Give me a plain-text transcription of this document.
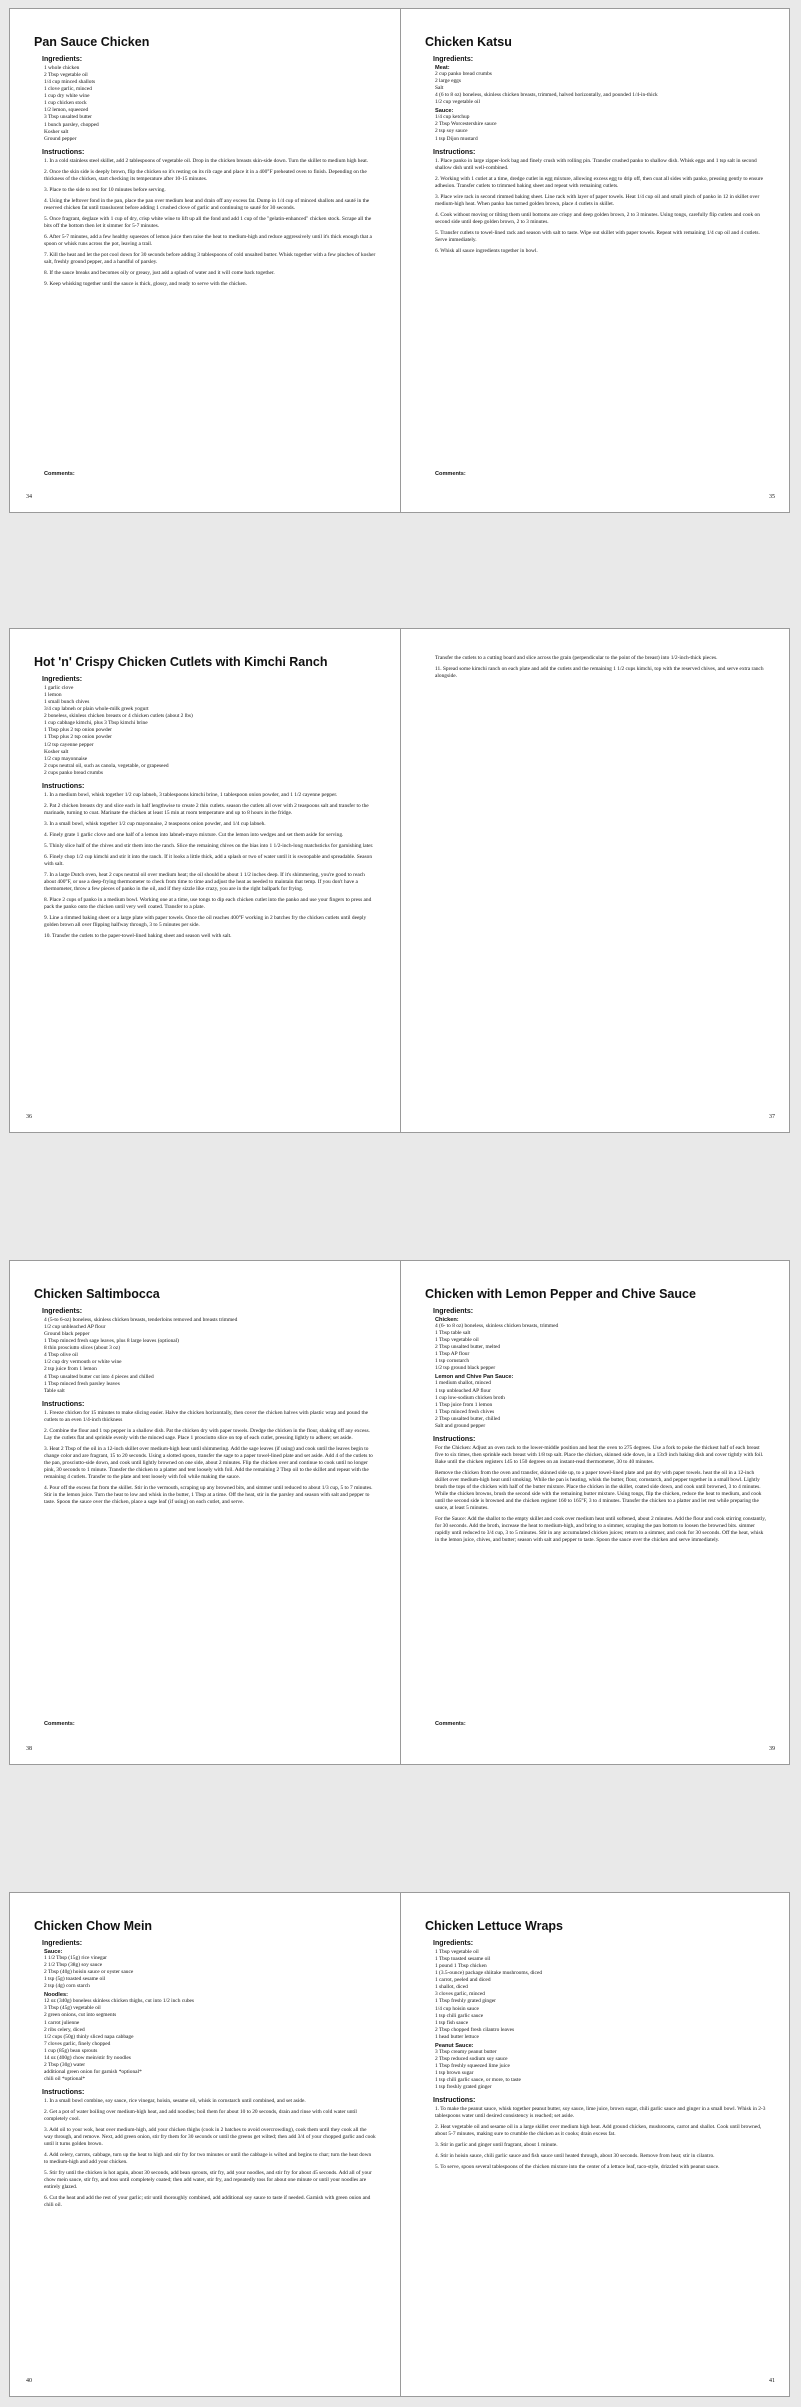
Pan Sauce Chicken
Ingredients:
1 whole chicken
2 Tbsp vegetable oil
1/4 cup minced shallots
1 clove garlic, minced
1 cup dry white wine
1 cup chicken stock
1/2 lemon, squeezed
3 Tbsp unsalted butter
1 bunch parsley, chopped
Kosher salt
Ground pepper
Instructions:
1. In a cold stainless steel skillet, add 2 tablespoons of vegetable oil. Drop in the chicken breasts skin-side down. Turn the skillet to medium high heat.
2. Once the skin side is deeply brown, flip the chicken so it's resting on its rib cage and place it in a 400°F preheated oven to finish. Depending on the thickness of the chicken, start checking its temperature after 10-15 minutes.
3. Place to the side to rest for 10 minutes before serving.
4. Using the leftover fond in the pan, place the pan over medium heat and drain off any excess fat. Dump in 1/4 cup of minced shallots and sauté in the reserved chicken fat until translucent before adding 1 crushed clove of garlic and continuing to sauté for 30 seconds.
5. Once fragrant, deglaze with 1 cup of dry, crisp white wine to lift up all the fond and add 1 cup of the "gelatin-enhanced" chicken stock. Scrape all the bits off the bottom then let it simmer for 5-7 minutes.
6. After 5-7 minutes, add a few healthy squeezes of lemon juice then raise the heat to medium-high and reduce aggressively until it's thick enough that a spoon or whisk runs across the pot, leaving a trail.
7. Kill the heat and let the pot cool down for 30 seconds before adding 3 tablespoons of cold unsalted butter. Whisk together with a few pinches of kosher salt, freshly ground pepper, and a handful of parsley.
8. If the sauce breaks and becomes oily or greasy, just add a splash of water and it will come back together.
9. Keep whisking together until the sauce is thick, glossy, and ready to serve with the chicken.
Comments:
34
Chicken Katsu
Ingredients:
Meat:
2 cup panko bread crumbs
2 large eggs
Salt
4 (6 to 8 oz) boneless, skinless chicken breasts, trimmed, halved horizontally, and pounded 1/4-in-thick
1/2 cup vegetable oil
Sauce:
1/4 cup ketchup
2 Tbsp Worcestershire sauce
2 tsp soy sauce
1 tsp Dijon mustard
Instructions:
1. Place panko in large zipper-lock bag and finely crush with rolling pin. Transfer crushed panko to shallow dish. Whisk eggs and 1 tsp salt in second shallow dish until well-combined.
2. Working with 1 cutlet at a time, dredge cutlet in egg mixture, allowing excess egg to drip off, then coat all sides with panko, pressing gently to ensure adhesion. Transfer cutlets to trimmed baking sheet and repeat with remaining cutlets.
3. Place wire rack in second rimmed baking sheet. Line rack with layer of paper towels. Heat 1/4 cup oil and small pinch of panko in 12 in skillet over medium-high heat. When panko has turned golden brown, place 4 cutlets in skillet.
4. Cook without moving or tilting them until bottoms are crispy and deep golden brown, 2 to 3 minutes. Using tongs, carefully flip cutlets and cook on second side until deep golden brown, 2 to 3 minutes.
5. Transfer cutlets to towel-lined rack and season with salt to taste. Wipe out skillet with paper towels. Repeat with remaining 1/4 cup oil and 4 cutlets. Serve immediately.
6. Whisk all sauce ingredients together in bowl.
Comments:
35
Hot 'n' Crispy Chicken Cutlets with Kimchi Ranch
Ingredients:
1 garlic clove
1 lemon
1 small bunch chives
3/4 cup labneh or plain whole-milk greek yogurt
2 boneless, skinless chicken breasts or 4 chicken cutlets (about 2 lbs)
1 cup cabbage kimchi, plus 3 Tbsp kimchi brine
1 Tbsp plus 2 tsp onion powder
1 Tbsp plus 2 tsp onion powder
1/2 tsp cayenne pepper
Kosher salt
1/2 cup mayonnaise
2 cups neutral oil, such as canola, vegetable, or grapeseed
2 cups panko bread crumbs
Instructions:
1. In a medium bowl, whisk together 1/2 cup labneh, 3 tablespoons kimchi brine, 1 tablespoon onion powder, and 1 1/2 cayenne pepper.
2. Pat 2 chicken breasts dry and slice each in half lengthwise to create 2 thin cutlets. season the cutlets all over with 2 teaspoons salt and transfer to the marinade, turning to coat. Marinate the chicken at least 15 min at room temperature and up to 8 hours in the fridge.
3. In a small bowl, whisk together 1/2 cup mayonnaise, 2 teaspoons onion powder, and 1/4 cup labneh.
4. Finely grate 1 garlic clove and one half of a lemon into labneh-mayo mixture. Cut the lemon into wedges and set them aside for serving.
5. Thinly slice half of the chives and stir them into the ranch. Slice the remaining chives on the bias into 1 1/2-inch-long matchsticks for garnishing later.
6. Finely chop 1/2 cup kimchi and stir it into the ranch. If it looks a little thick, add a splash or two of water until it is swoopable and spreadable. Season with salt.
7. In a large Dutch oven, heat 2 cups neutral oil over medium heat; the oil should be about 1 1/2 inches deep. If it's shimmering, you're good to reach about 400°F, or use a deep-frying thermometer to check from time to time and adjust the heat as needed to maintain that temp. If you don't have a thermometer, throw a few pieces of panko in the oil, and if they sizzle like crazy, you are in the right ballpark for frying.
8. Place 2 cups of panko in a medium bowl. Working one at a time, use tongs to dip each chicken cutlet into the panko and use your fingers to press and pack the panko onto the chicken until very well coated. Transfer to a plate.
9. Line a rimmed baking sheet or a large plate with paper towels. Once the oil reaches 400°F working in 2 batches fry the chicken cutlets until deeply golden brown all over flipping halfway through, 3 to 5 minutes per side.
10. Transfer the cutlets to the paper-towel-lined baking sheet and season well with salt.
36
Transfer the cutlets to a cutting board and slice across the grain (perpendicular to the point of the breast) into 1/2-inch-thick pieces.
11. Spread some kimchi ranch on each plate and add the cutlets and the remaining 1 1/2 cups kimchi, top with the reserved chives, and serve extra ranch alongside.
37
Chicken Saltimbocca
Ingredients:
4 (5-to 6-oz) boneless, skinless chicken breasts, tenderloins removed and breasts trimmed
1/2 cup unbleached AP flour
Ground black pepper
1 Tbsp minced fresh sage leaves, plus 8 large leaves (optional)
8 thin prosciutto slices (about 3 oz)
4 Tbsp olive oil
1/2 cup dry vermouth or white wine
2 tsp juice from 1 lemon
4 Tbsp unsalted butter cut into 4 pieces and chilled
1 Tbsp minced fresh parsley leaves
Table salt
Instructions:
1. Freeze chicken for 15 minutes to make slicing easier. Halve the chicken horizontally, then cover the chicken halves with plastic wrap and pound the cutlets to an even 1/4-inch thickness
2. Combine the flour and 1 tsp pepper in a shallow dish. Pat the chicken dry with paper towels. Dredge the chicken in the flour, shaking off any excess. Lay the cutlets flat and sprinkle evenly with the minced sage. Place 1 prosciutto slice on top of each cutlet, pressing lightly to adhere; set aside.
3. Heat 2 Tbsp of the oil in a 12-inch skillet over medium-high heat until shimmering. Add the sage leaves (if using) and cook until the leaves begin to change color and are fragrant, 15 to 20 seconds. Using a slotted spoon, transfer the sage to a paper towel-lined plate and set aside. Add 4 of the cutlets to the pan, prosciutto-side down, and cook until lightly browned on one side, about 2 minutes. Flip the chicken over and continue to cook until no longer pink, 30 seconds to 1 minute. Transfer the chicken to a platter and tent loosely with foil. Add the remaining 2 Tbsp oil to the skillet and repeat with the remaining 4 cutlets. Transfer to the plate and tent loosely with foil while making the sauce.
4. Pour off the excess fat from the skillet. Stir in the vermouth, scraping up any browned bits, and simmer until reduced to about 1/3 cup, 5 to 7 minutes. Stir in the lemon juice. Turn the heat to low and whisk in the butter, 1 Tbsp at a time. Off the heat, stir in the parsley and season with salt and pepper to taste. Spoon the sauce over the chicken, place a sage leaf (if using) on each cutlet, and serve.
Comments:
38
Chicken with Lemon Pepper and Chive Sauce
Ingredients:
Chicken:
4 (6- to 8 oz) boneless, skinless chicken breasts, trimmed
1 Tbsp table salt
1 Tbsp vegetable oil
2 Tbsp unsalted butter, melted
1 Tbsp AP flour
1 tsp cornstarch
1/2 tsp ground black pepper
Lemon and Chive Pan Sauce:
1 medium shallot, minced
1 tsp unbleached AP flour
1 cup low-sodium chicken broth
1 Tbsp juice from 1 lemon
1 Tbsp minced fresh chives
2 Tbsp unsalted butter, chilled
Salt and ground pepper
Instructions:
For the Chicken: Adjust an oven rack to the lower-middle position and heat the oven to 275 degrees. Use a fork to poke the thickest half of each breast five to six times, then sprinkle each breast with 1/8 tsp salt. Place the chicken, skinned side down, in a 13x9 inch baking dish and cover tightly with foil. Bake until the chicken registers 145 to 150 degrees on an instant-read thermometer, 30 to 40 minutes.
Remove the chicken from the oven and transfer, skinned side up, to a paper towel-lined plate and pat dry with paper towels. heat the oil in a 12-inch skillet over medium-high heat until smoking. While the pan is heating, whisk the butter, flour, cornstarch, and pepper together in a small bowl. Lightly brush the tops of the chicken with half of the butter mixture. Place the chicken in the skillet, coated side down, and cook until browned, 3 to 4 minutes. While the chicken browns, brush the second side with the remaining butter mixture. Using tongs, flip the chicken, reduce the heat to medium, and cook until the second side is browned and the chicken register 160 to 165°F, 3 to 4 minutes. Transfer the chicken to a platter and let rest while preparing the sauce, at least 5 minutes.
For the Sauce: Add the shallot to the empty skillet and cook over medium heat until softened, about 2 minutes. Add the flour and cook stirring constantly, for 30 seconds. Add the broth, increase the heat to medium-high, and bring to a simmer, scraping the pan bottom to loosen the browned bits. simmer rapidly until reduced to 3/4 cup, 3 to 5 minutes. Stir in any accumulated chicken juices; return to a simmer, and cook for 30 seconds. Off the heat, whisk in the lemon juice, chives, and butter; season with salt and pepper to taste. Spoon the sauce over the chicken and serve immediately.
Comments:
39
Chicken Chow Mein
Ingredients:
Sauce:
1 1/2 Tbsp (15g) rice vinegar
2 1/2 Tbsp (38g) soy sauce
2 Tbsp (40g) hoisin sauce or oyster sauce
1 tsp (5g) toasted sesame oil
2 tsp (4g) corn starch
Noodles:
12 oz (340g) boneless skinless chicken thighs, cut into 1/2 inch cubes
3 Tbsp (45g) vegetable oil
2 green onions, cut into segments
1 carrot julienne
2 ribs celery, diced
1/2 cups (50g) thinly sliced napa cabbage
7 cloves garlic, finely chopped
1 cup (85g) bean sprouts
14 oz (400g) chow mein/stir fry noodles
2 Tbsp (30g) water
additional green onion for garnish *optional*
chili oil *optional*
Instructions:
1. In a small bowl combine, soy sauce, rice vinegar, hoisin, sesame oil, whisk in cornstarch until combined, and set aside.
2. Get a pot of water boiling over medium-high heat, and add noodles; boil them for about 10 to 20 seconds, drain and rinse with cold water until completely cool.
3. Add oil to your wok, heat over medium-high, add your chicken thighs (cook in 2 batches to avoid overcrowding), cook them until they cook all the way through, and remove. Next, add green onion, stir fry them for 30 seconds or until the greens get wilted; then add 3/4 of your chopped garlic and cook until it turns golden brown.
4. Add celery, carrots, cabbage, turn up the heat to high and stir fry for two minutes or until the cabbage is wilted and begins to char; turn the heat down to medium-high and add your chicken.
5. Stir fry until the chicken is hot again, about 30 seconds, add bean sprouts, stir fry, add your noodles, and stir fry for about 45 seconds. Add all of your chow mein sauce, stir fry, and toss until completely coated; then add water, stir fry, and repeatedly toss for about one minute or until your noodles are entirely glazed.
6. Cut the heat and add the rest of your garlic; stir until thoroughly combined, add additional soy sauce to taste if needed. Garnish with green onion and chili oil.
40
Chicken Lettuce Wraps
Ingredients:
1 Tbsp vegetable oil
1 Tbsp toasted sesame oil
1 pound 1 Tbsp chicken
1 (3.5-ounce) package shiitake mushrooms, diced
1 carrot, peeled and diced
1 shallot, diced
3 cloves garlic, minced
1 Tbsp freshly grated ginger
1/4 cup hoisin sauce
1 tsp chili garlic sauce
1 tsp fish sauce
2 Tbsp chopped fresh cilantro leaves
1 head butter lettuce
Peanut Sauce:
3 Tbsp creamy peanut butter
2 Tbsp reduced sodium soy sauce
1 Tbsp freshly squeezed lime juice
1 tsp brown sugar
1 tsp chili garlic sauce, or more, to taste
1 tsp freshly grated ginger
Instructions:
1. To make the peanut sauce, whisk together peanut butter, soy sauce, lime juice, brown sugar, chili garlic sauce and ginger in a small bowl. Whisk in 2-3 tablespoons water until desired consistency is reached; set aside.
2. Heat vegetable oil and sesame oil in a large skillet over medium high heat. Add ground chicken, mushrooms, carrot and shallot. Cook until browned, about 5-7 minutes, making sure to crumble the chicken as it cooks; drain excess fat.
3. Stir in garlic and ginger until fragrant, about 1 minute.
4. Stir in hoisin sauce, chili garlic sauce and fish sauce until heated through, about 30 seconds. Remove from heat; stir in cilantro.
5. To serve, spoon several tablespoons of the chicken mixture into the center of a lettuce leaf, taco-style, drizzled with peanut sauce.
41
